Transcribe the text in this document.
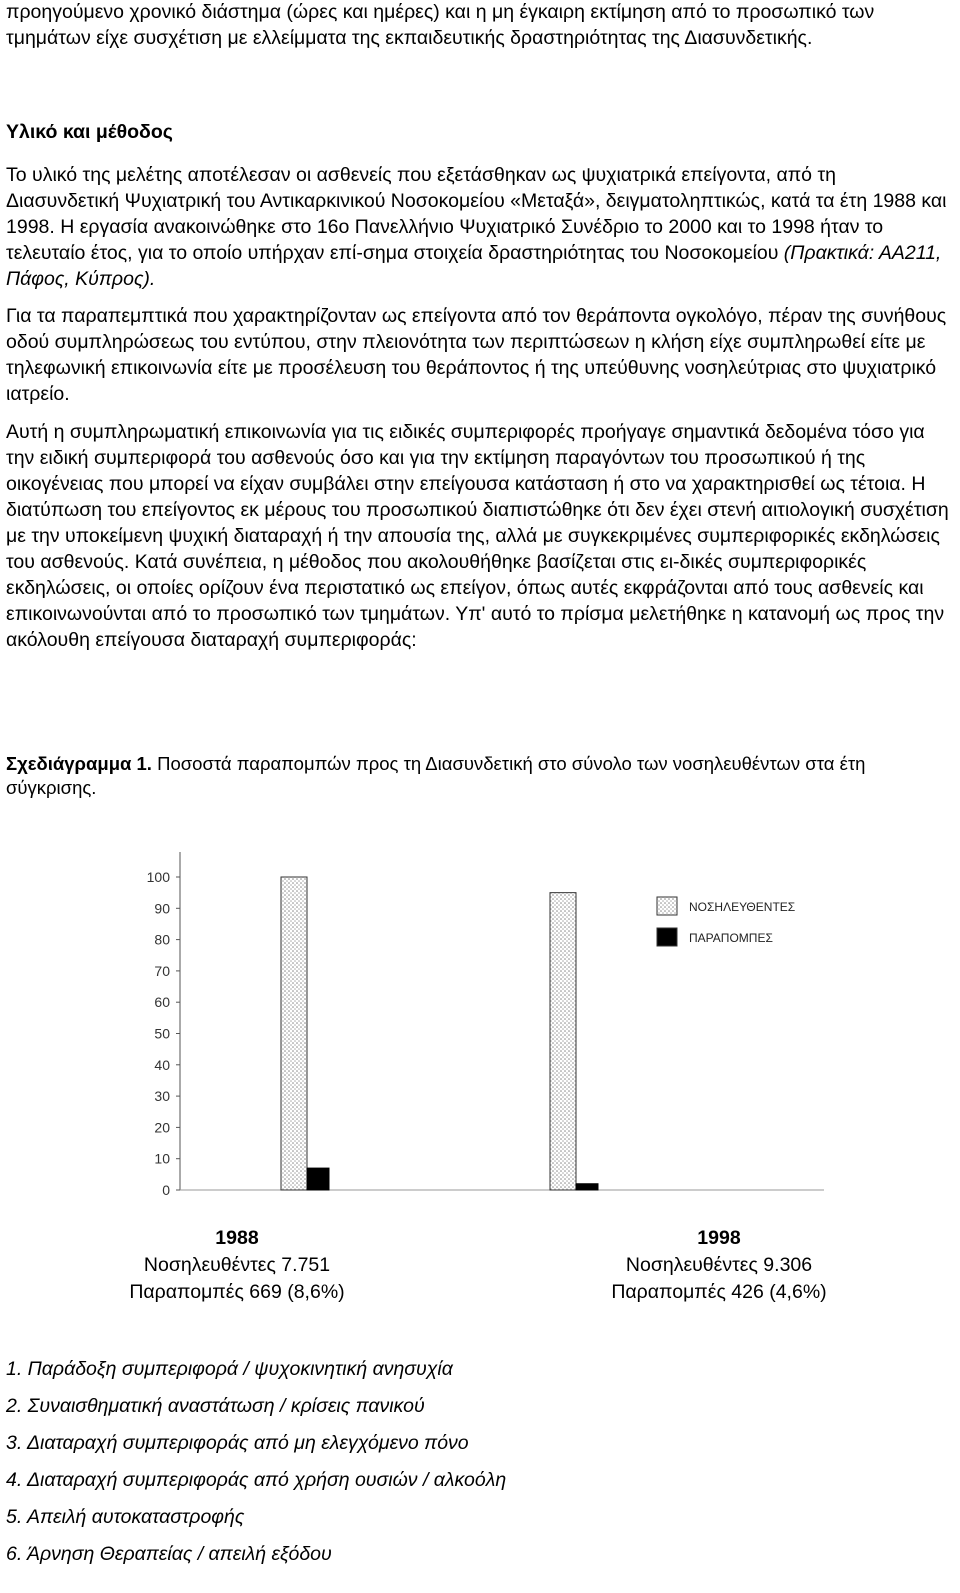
προηγούμενο χρονικό διάστημα (ώρες και ημέρες) και η μη έγκαιρη εκτίμηση από το προσωπικό των τμημάτων είχε συσχέτιση με ελλείμματα της εκπαιδευτικής δραστηριότητας της Διασυνδετικής.

Υλικό και μέθοδος

Το υλικό της μελέτης αποτέλεσαν οι ασθενείς που εξετάσθηκαν ως ψυχιατρικά επείγοντα, από τη Διασυνδετική Ψυχιατρική του Αντικαρκινικού Νοσοκομείου «Μεταξά», δειγματοληπτικώς, κατά τα έτη 1988 και 1998. Η εργασία ανακοινώθηκε στο 16ο Πανελλήνιο Ψυχιατρικό Συνέδριο το 2000 και το 1998 ήταν το τελευταίο έτος, για το οποίο υπήρχαν επί-σημα στοιχεία δραστηριότητας του Νοσοκομείου (Πρακτικά: ΑΑ211, Πάφος, Κύπρος).

Για τα παραπεμπτικά που χαρακτηρίζονταν ως επείγοντα από τον θεράποντα ογκολόγο, πέραν της συνήθους οδού συμπληρώσεως του εντύπου, στην πλειονότητα των περιπτώσεων η κλήση είχε συμπληρωθεί είτε με τηλεφωνική επικοινωνία είτε με προσέλευση του θεράποντος ή της υπεύθυνης νοσηλεύτριας στο ψυχιατρικό ιατρείο.

Αυτή η συμπληρωματική επικοινωνία για τις ειδικές συμπεριφορές προήγαγε σημαντικά δεδομένα τόσο για την ειδική συμπεριφορά του ασθενούς όσο και για την εκτίμηση παραγόντων του προσωπικού ή της οικογένειας που μπορεί να είχαν συμβάλει στην επείγουσα κατάσταση ή στο να χαρακτηρισθεί ως τέτοια. Η διατύπωση του επείγοντος εκ μέρους του προσωπικού διαπιστώθηκε ότι δεν έχει στενή αιτιολογική συσχέτιση με την υποκείμενη ψυχική διαταραχή ή την απουσία της, αλλά με συγκεκριμένες συμπεριφορικές εκδηλώσεις του ασθενούς. Κατά συνέπεια, η μέθοδος που ακολουθήθηκε βασίζεται στις ει-δικές συμπεριφορικές εκδηλώσεις, οι οποίες ορίζουν ένα περιστατικό ως επείγον, όπως αυτές εκφράζονται από τους ασθενείς και επικοινωνούνται από το προσωπικό των τμημάτων. Υπ' αυτό το πρίσμα μελετήθηκε η κατανομή ως προς την ακόλουθη επείγουσα διαταραχή συμπεριφοράς:

Σχεδιάγραμμα 1. Ποσοστά παραπομπών προς τη Διασυνδετική στο σύνολο των νοσηλευθέντων στα έτη σύγκρισης.

100
90
80
70
60
50
40
30
20
10
0
ΝΟΣΗΛΕΥΘΕΝΤΕΣ
ΠΑΡΑΠΟΜΠΕΣ
1988
Νοσηλευθέντες 7.751
Παραπομπές 669 (8,6%)
1998
Νοσηλευθέντες 9.306
Παραπομπές 426 (4,6%)
1. Παράδοξη συμπεριφορά / ψυχοκινητική ανησυχία
2. Συναισθηματική αναστάτωση / κρίσεις πανικού
3. Διαταραχή συμπεριφοράς από μη ελεγχόμενο πόνο
4. Διαταραχή συμπεριφοράς από χρήση ουσιών / αλκοόλη
5. Απειλή αυτοκαταστροφής
6. Άρνηση Θεραπείας / απειλή εξόδου
